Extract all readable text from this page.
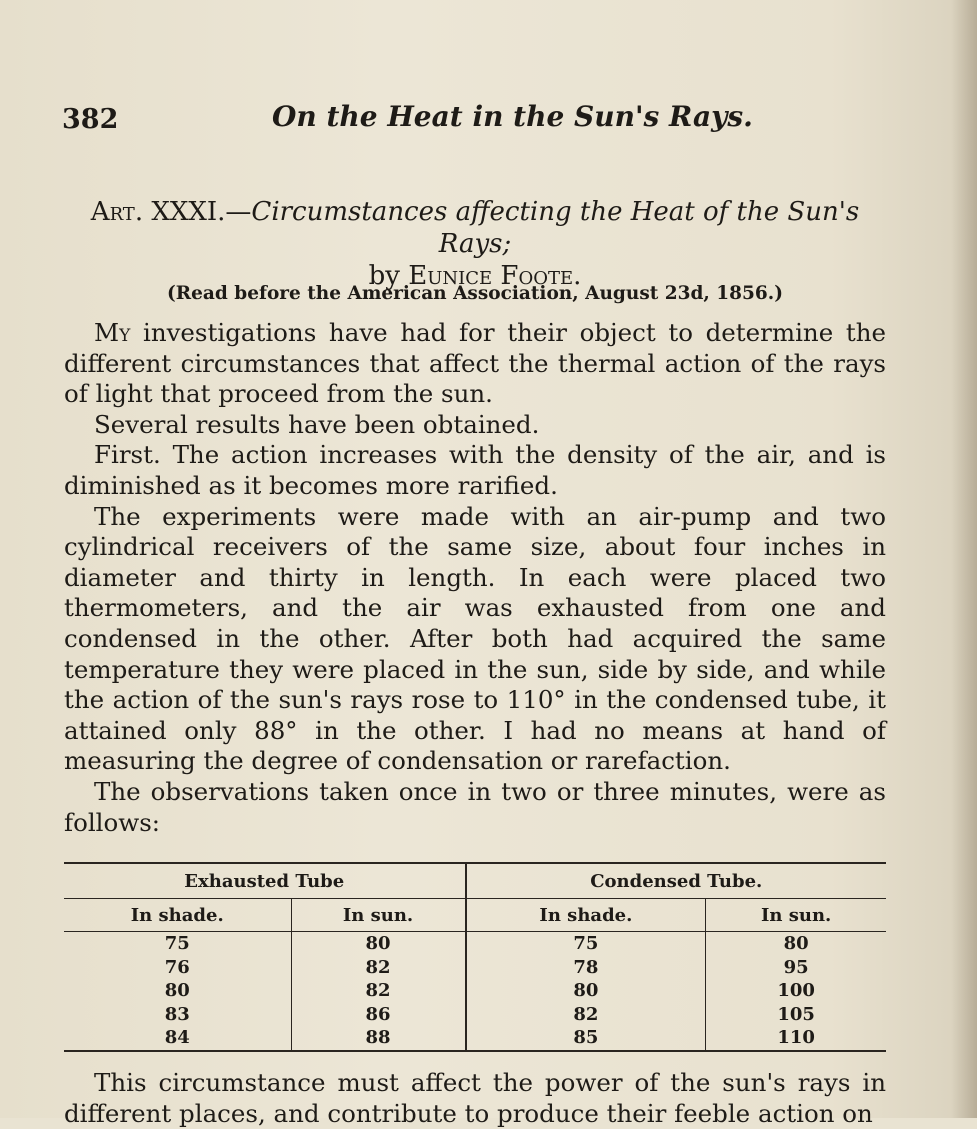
382	On the Heat in the Sun's Rays.
Art. XXXI.—Circumstances affecting the Heat of the Sun's Rays;
by Eunice Foote.
(Read before the American Association, August 23d, 1856.)

My investigations have had for their object to determine the different circumstances that affect the thermal action of the rays of light that proceed from the sun.

Several results have been obtained.

First. The action increases with the density of the air, and is diminished as it becomes more rarified.

The experiments were made with an air-pump and two cylindrical receivers of the same size, about four inches in diameter and thirty in length. In each were placed two thermometers, and the air was exhausted from one and condensed in the other. After both had acquired the same temperature they were placed in the sun, side by side, and while the action of the sun's rays rose to 110° in the condensed tube, it attained only 88° in the other. I had no means at hand of measuring the degree of condensation or rarefaction.

The observations taken once in two or three minutes, were as follows:

Exhausted Tube		Condensed Tube.	
In shade.	In sun.	In shade.	In sun.
75	80	75	80
76	82	78	95
80	82	80	100
83	86	82	105
84	88	85	110

This circumstance must affect the power of the sun's rays in different places, and contribute to produce their feeble action on
